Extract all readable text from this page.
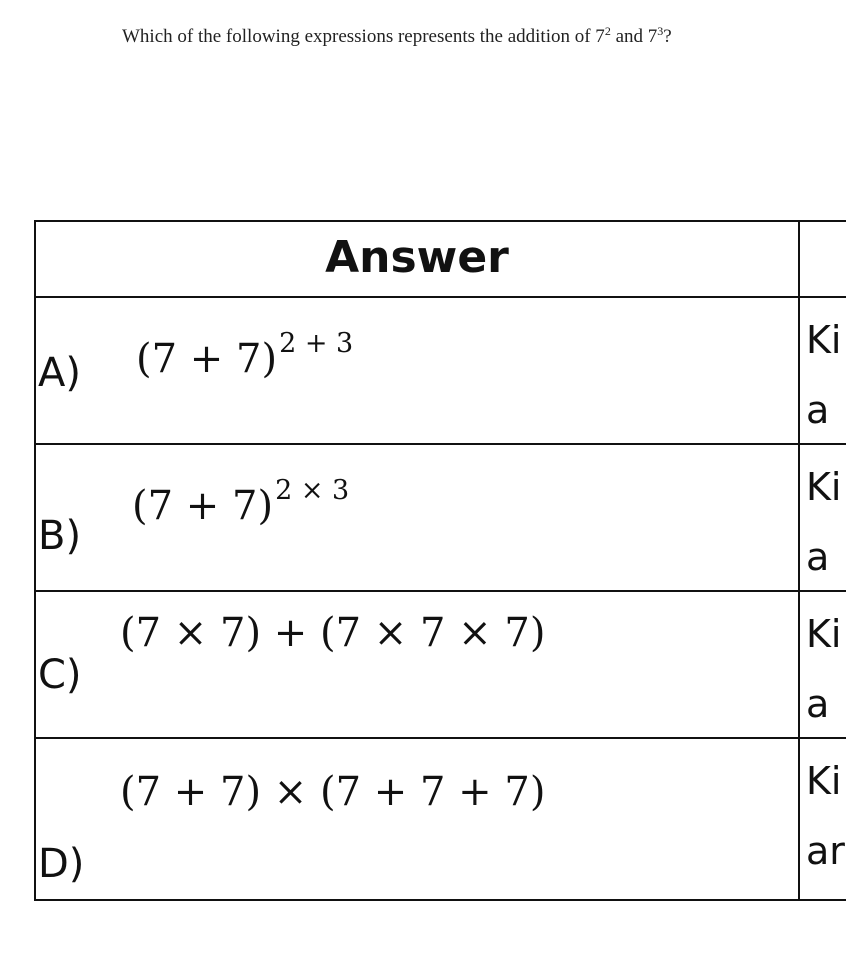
Which of the following expressions represents the addition of $7^2$ and $7^3$?
Answer
A) $(7 + 7)^{2 + 3}$	Ki
a
B)
$(7 + 7)^{2 \times 3}$	Ki
a
C)
(7 × 7) + (7 × 7 × 7)	Ki
a
D)
(7 + 7) × (7 + 7 + 7)	Ki
ar
